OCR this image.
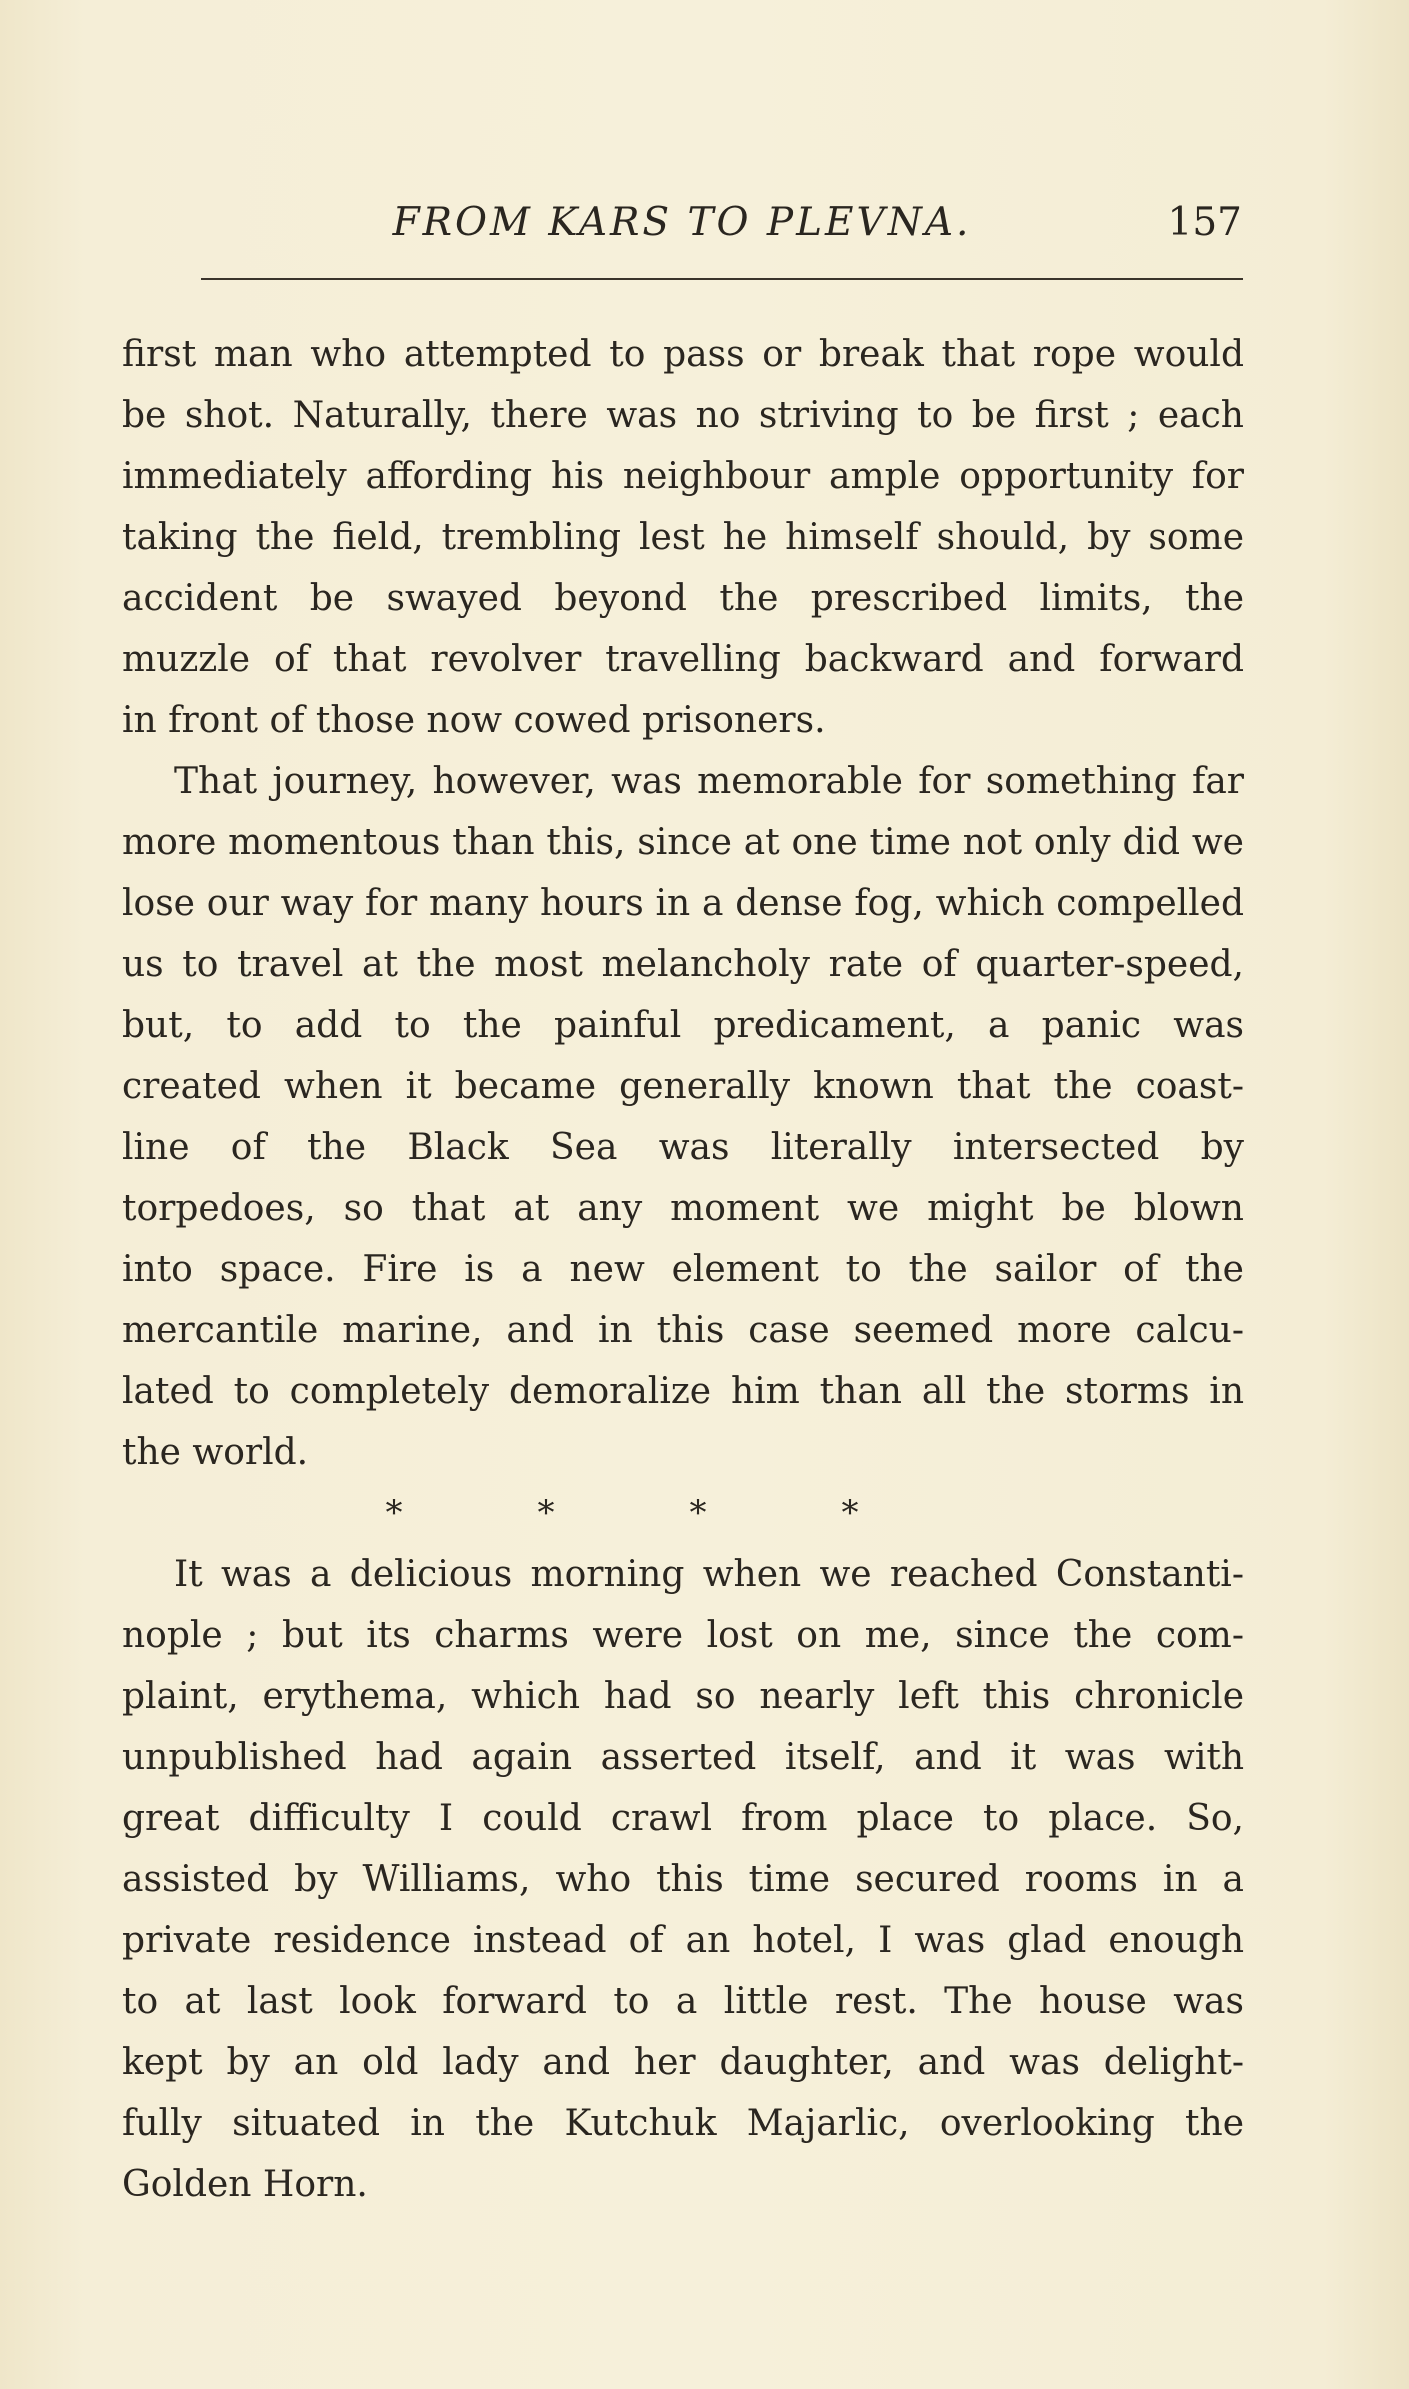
FROM KARS TO PLEVNA.	157
first man who attempted to pass or break that rope would
be shot. Naturally, there was no striving to be first ; each
immediately affording his neighbour ample opportunity for
taking the field, trembling lest he himself should, by some
accident be swayed beyond the prescribed limits, the
muzzle of that revolver travelling backward and forward
in front of those now cowed prisoners.
That journey, however, was memorable for something far
more momentous than this, since at one time not only did we
lose our way for many hours in a dense fog, which compelled
us to travel at the most melancholy rate of quarter-speed,
but, to add to the painful predicament, a panic was
created when it became generally known that the coast-
line of the Black Sea was literally intersected by
torpedoes, so that at any moment we might be blown
into space. Fire is a new element to the sailor of the
mercantile marine, and in this case seemed more calcu-
lated to completely demoralize him than all the storms in
the world.
*	*	*	*
It was a delicious morning when we reached Constanti-
nople ; but its charms were lost on me, since the com-
plaint, erythema, which had so nearly left this chronicle
unpublished had again asserted itself, and it was with
great difficulty I could crawl from place to place. So,
assisted by Williams, who this time secured rooms in a
private residence instead of an hotel, I was glad enough
to at last look forward to a little rest. The house was
kept by an old lady and her daughter, and was delight-
fully situated in the Kutchuk Majarlic, overlooking the
Golden Horn.
